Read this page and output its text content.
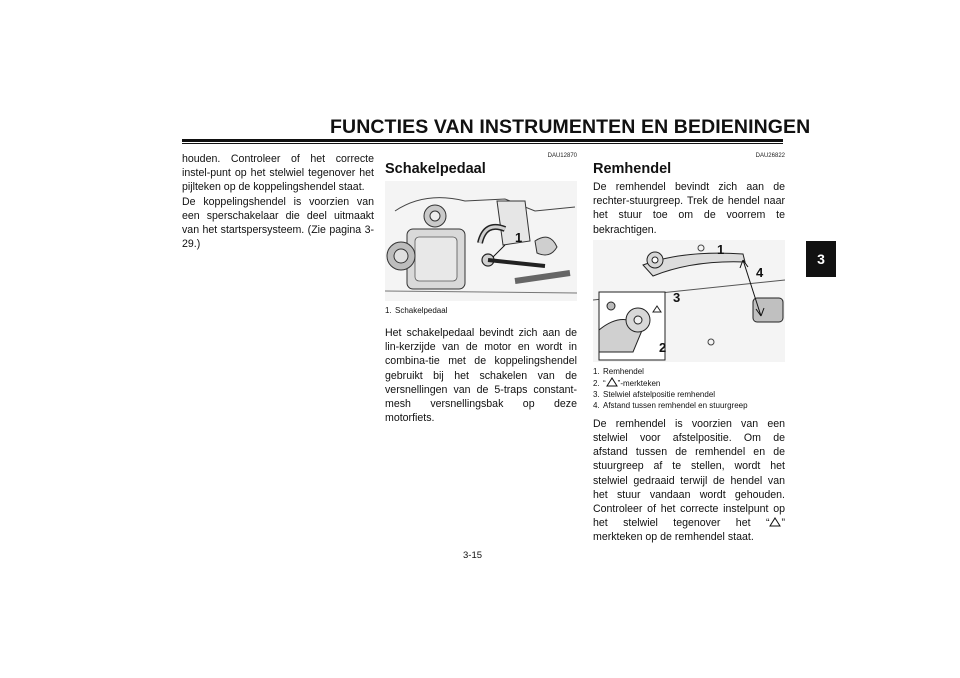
FUNCTIES VAN INSTRUMENTEN EN BEDIENINGEN
3

houden. Controleer of het correcte instel-punt op het stelwiel tegenover het pijlteken op de koppelingshendel staat.

De koppelingshendel is voorzien van een sperschakelaar die deel uitmaakt van het startspersysteem. (Zie pagina 3-29.)

DAU12870
Schakelpedaal
1

1. Schakelpedaal

Het schakelpedaal bevindt zich aan de lin-kerzijde van de motor en wordt in combina-tie met de koppelingshendel gebruikt bij het schakelen van de versnellingen van de 5-traps constant-mesh versnellingsbak op deze motorfiets.

DAU26822
Remhendel

De remhendel bevindt zich aan de rechter-stuurgreep. Trek de hendel naar het stuur toe om de voorrem te bekrachtigen.

1
4
3
2

1. Remhendel

2. “ ”-merkteken

3. Stelwiel afstelpositie remhendel

4. Afstand tussen remhendel en stuurgreep

De remhendel is voorzien van een stelwiel voor afstelpositie. Om de afstand tussen de remhendel en de stuurgreep af te stellen, wordt het stelwiel gedraaid terwijl de hendel van het stuur vandaan wordt gehouden. Controleer of het correcte instelpunt op het stelwiel tegenover het “ ” merkteken op de remhendel staat.

3-15
